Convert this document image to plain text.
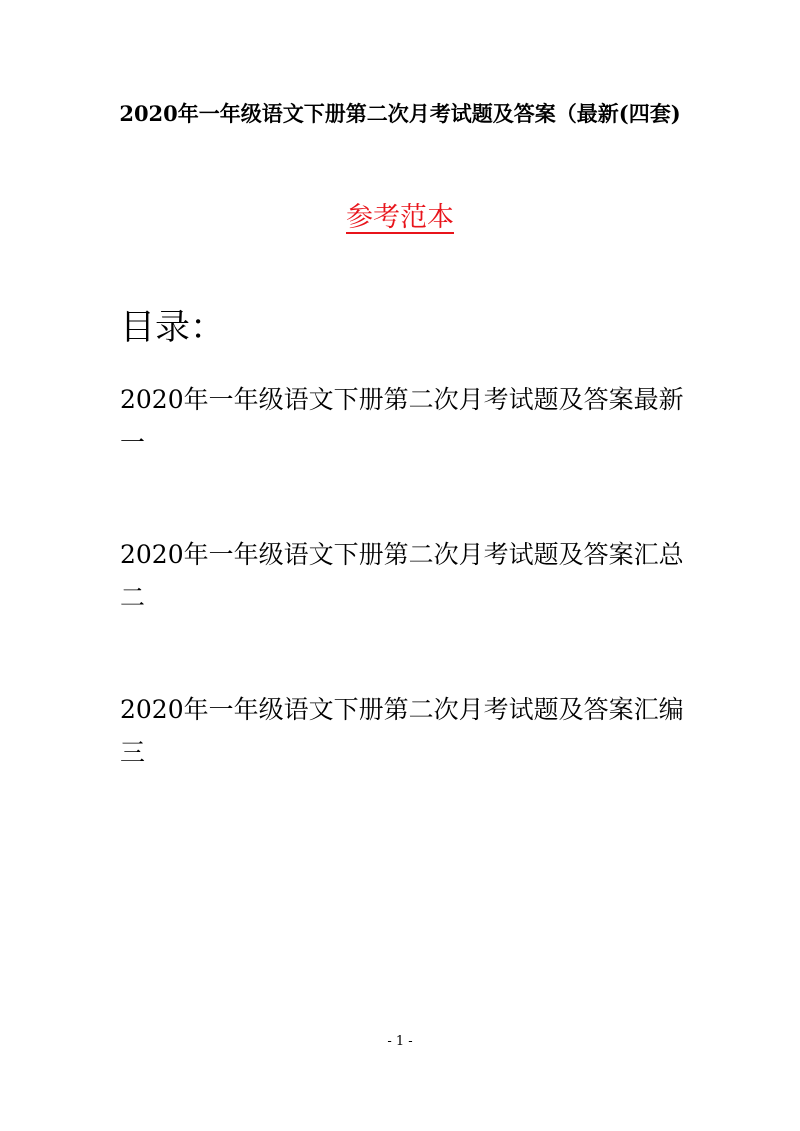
2020年一年级语文下册第二次月考试题及答案（最新(四套)
参考范本
目录：
2020年一年级语文下册第二次月考试题及答案最新一
2020年一年级语文下册第二次月考试题及答案汇总二
2020年一年级语文下册第二次月考试题及答案汇编三
- 1 -
